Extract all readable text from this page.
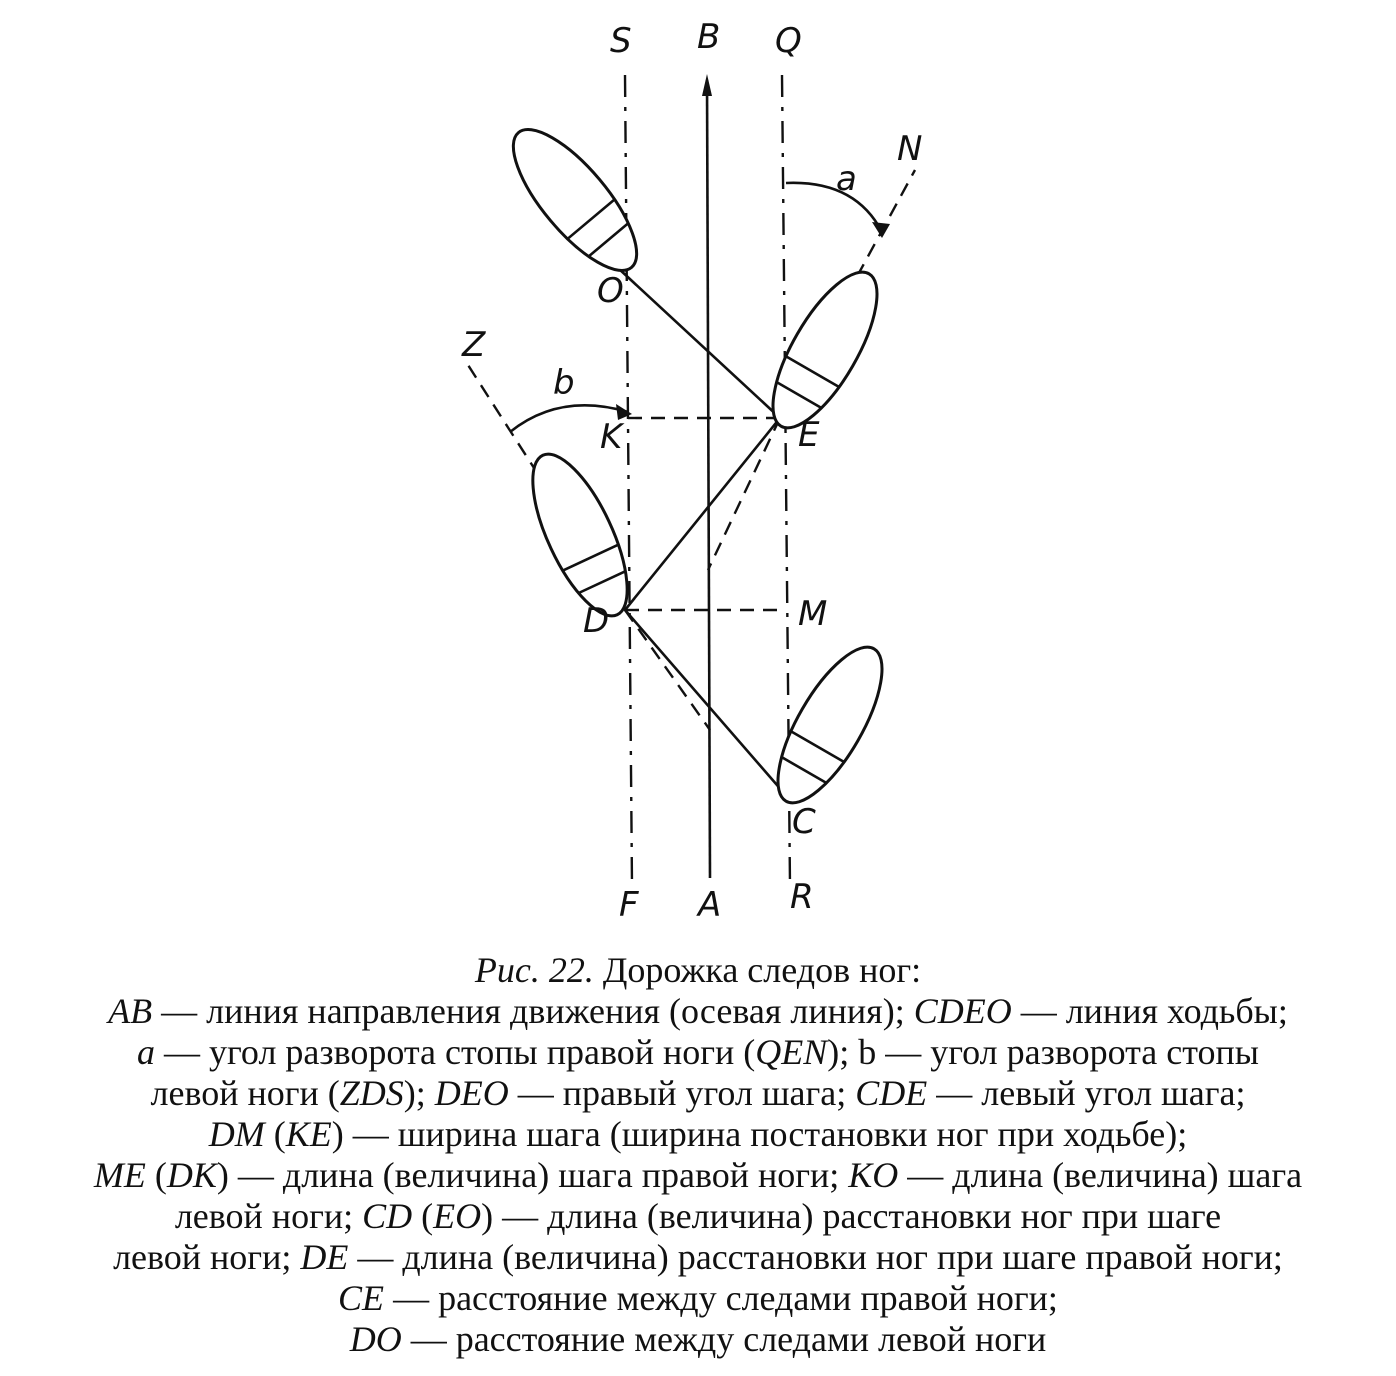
S B Q
N
a
O
Z
b
K	E
D	M
C
F A R

Рис. 22. Дорожка следов ног:

AB — линия направления движения (осевая линия); CDEO — линия ходьбы;

a — угол разворота стопы правой ноги (QEN); b — угол разворота стопы

левой ноги (ZDS); DEO — правый угол шага; CDE — левый угол шага;

DM (KE) — ширина шага (ширина постановки ног при ходьбе);

ME (DK) — длина (величина) шага правой ноги; KO — длина (величина) шага

левой ноги; CD (EO) — длина (величина) расстановки ног при шаге

левой ноги; DE — длина (величина) расстановки ног при шаге правой ноги;

CE — расстояние между следами правой ноги;

DO — расстояние между следами левой ноги
